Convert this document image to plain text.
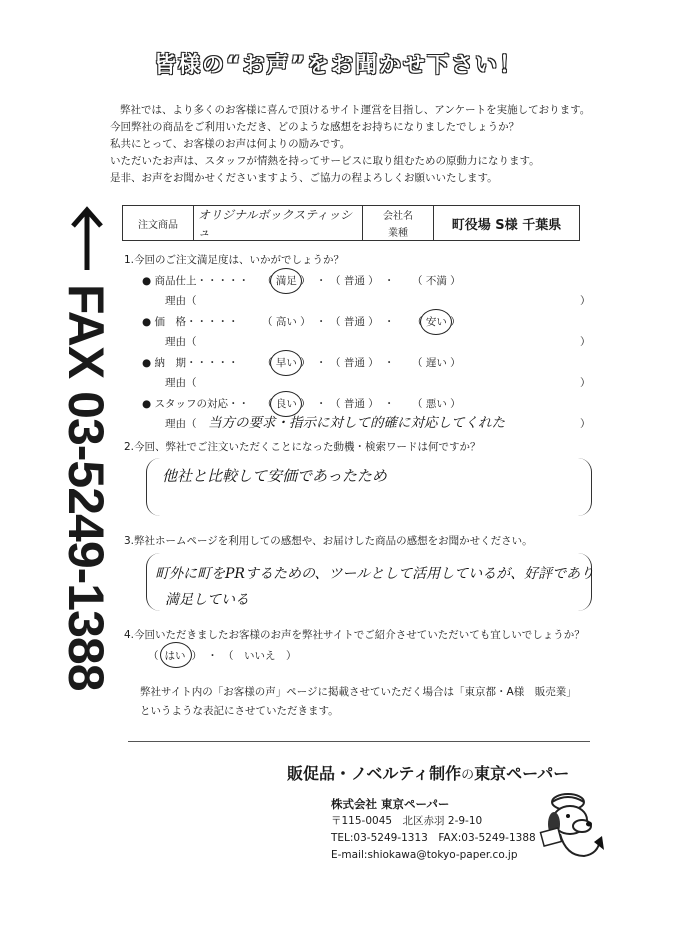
皆様の“お声”をお聞かせ下さい！
弊社では、より多くのお客様に喜んで頂けるサイト運営を目指し、アンケートを実施しております。
今回弊社の商品をご利用いただき、どのような感想をお持ちになりましたでしょうか？
私共にとって、お客様のお声は何よりの励みです。
いただいたお声は、スタッフが情熱を持ってサービスに取り組むための原動力になります。
是非、お声をお聞かせくださいますよう、ご協力の程よろしくお願いいたします。
FAX 03-5249-1388
注文商品	オリジナルボックスティッシュ	会社名	町役場 S様 千葉県
業種
1.今回のご注文満足度は、いかがでしょうか？
● 商品仕上・・・・・ （ 満足 ）　・ （ 普通 ）　・ （ 不満 ）
理由（	）
● 価　格・・・・・ （ 高い ）　・ （ 普通 ）　・ （ 安い ）
理由（	）
● 納　期・・・・・ （ 早い ）　・ （ 普通 ）　・ （ 遅い ）
理由（	）
● スタッフの対応・・ （ 良い ）　・ （ 普通 ）　・ （ 悪い ）
理由（	）
当方の要求・指示に対して的確に対応してくれた
2.今回、弊社でご注文いただくことになった動機・検索ワードは何ですか？
他社と比較して安価であったため
3.弊社ホームページを利用しての感想や、お届けした商品の感想をお聞かせください。
町外に町をPRするための、ツールとして活用しているが、好評であり
満足している
4.今回いただきましたお客様のお声を弊社サイトでご紹介させていただいても宜しいでしょうか？
（ はい ）　・　（　いいえ　）
弊社サイト内の「お客様の声」ページに掲載させていただく場合は「東京都・A様　販売業」
というような表記にさせていただきます。
販促品・ノベルティ制作の東京ペーパー
株式会社 東京ペーパー
〒115-0045　北区赤羽 2-9-10
TEL:03-5249-1313　FAX:03-5249-1388
E-mail:shiokawa@tokyo-paper.co.jp
